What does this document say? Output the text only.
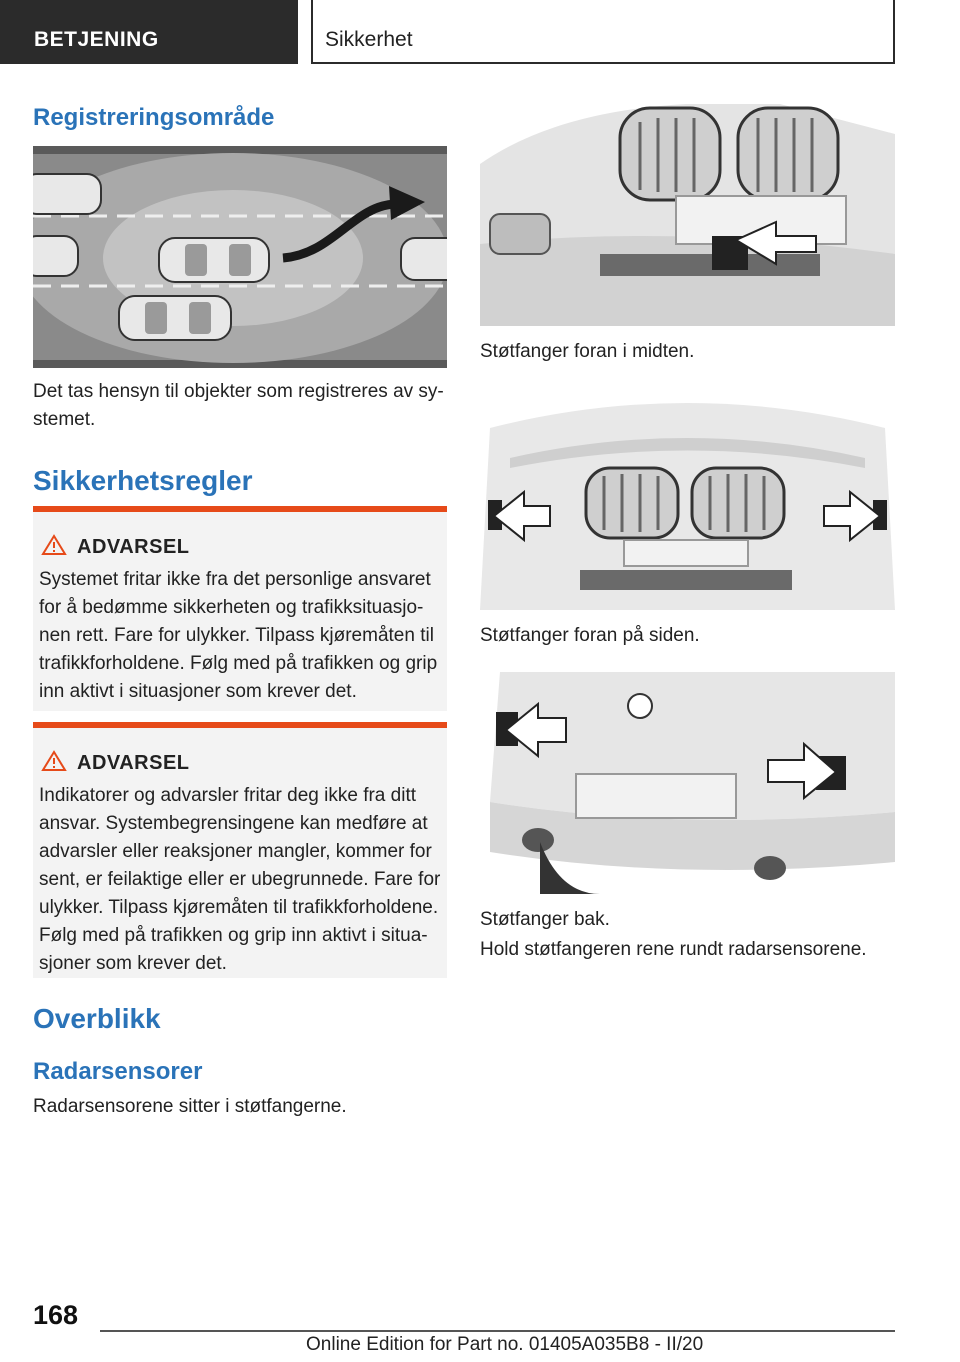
BETJENING	Sikkerhet
Registreringsområde
Det tas hensyn til objekter som registreres av sy-stemet.
Sikkerhetsregler
ADVARSEL
Systemet fritar ikke fra det personlige ansvaret for å bedømme sikkerheten og trafikksituasjo-nen rett. Fare for ulykker. Tilpass kjøremåten til trafikkforholdene. Følg med på trafikken og grip inn aktivt i situasjoner som krever det.
ADVARSEL
Indikatorer og advarsler fritar deg ikke fra ditt ansvar. Systembegrensingene kan medføre at advarsler eller reaksjoner mangler, kommer for sent, er feilaktige eller er ubegrunnede. Fare for ulykker. Tilpass kjøremåten til trafikkforholdene. Følg med på trafikken og grip inn aktivt i situa-sjoner som krever det.
Overblikk
Radarsensorer
Radarsensorene sitter i støtfangerne.
Støtfanger foran i midten.
Støtfanger foran på siden.
Støtfanger bak.
Hold støtfangeren rene rundt radarsensorene.
168
Online Edition for Part no. 01405A035B8 - II/20
